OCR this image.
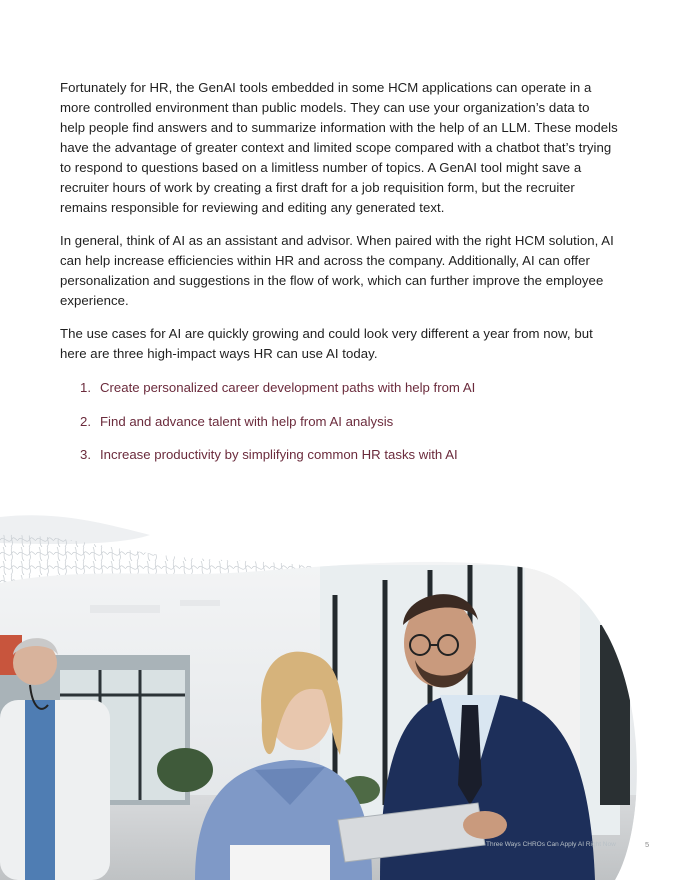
Fortunately for HR, the GenAI tools embedded in some HCM applications can operate in a more controlled environment than public models. They can use your organization’s data to help people find answers and to summarize information with the help of an LLM. These models have the advantage of greater context and limited scope compared with a chatbot that’s trying to respond to questions based on a limitless number of topics. A GenAI tool might save a recruiter hours of work by creating a first draft for a job requisition form, but the recruiter remains responsible for reviewing and editing any generated text.

In general, think of AI as an assistant and advisor. When paired with the right HCM solution, AI can help increase efficiencies within HR and across the company. Additionally, AI can offer personalization and suggestions in the flow of work, which can further improve the employee experience.

The use cases for AI are quickly growing and could look very different a year from now, but here are three high-impact ways HR can use AI today.

1. Create personalized career development paths with help from AI
2. Find and advance talent with help from AI analysis
3. Increase productivity by simplifying common HR tasks with AI
Three Ways CHROs Can Apply AI Right Now	5
